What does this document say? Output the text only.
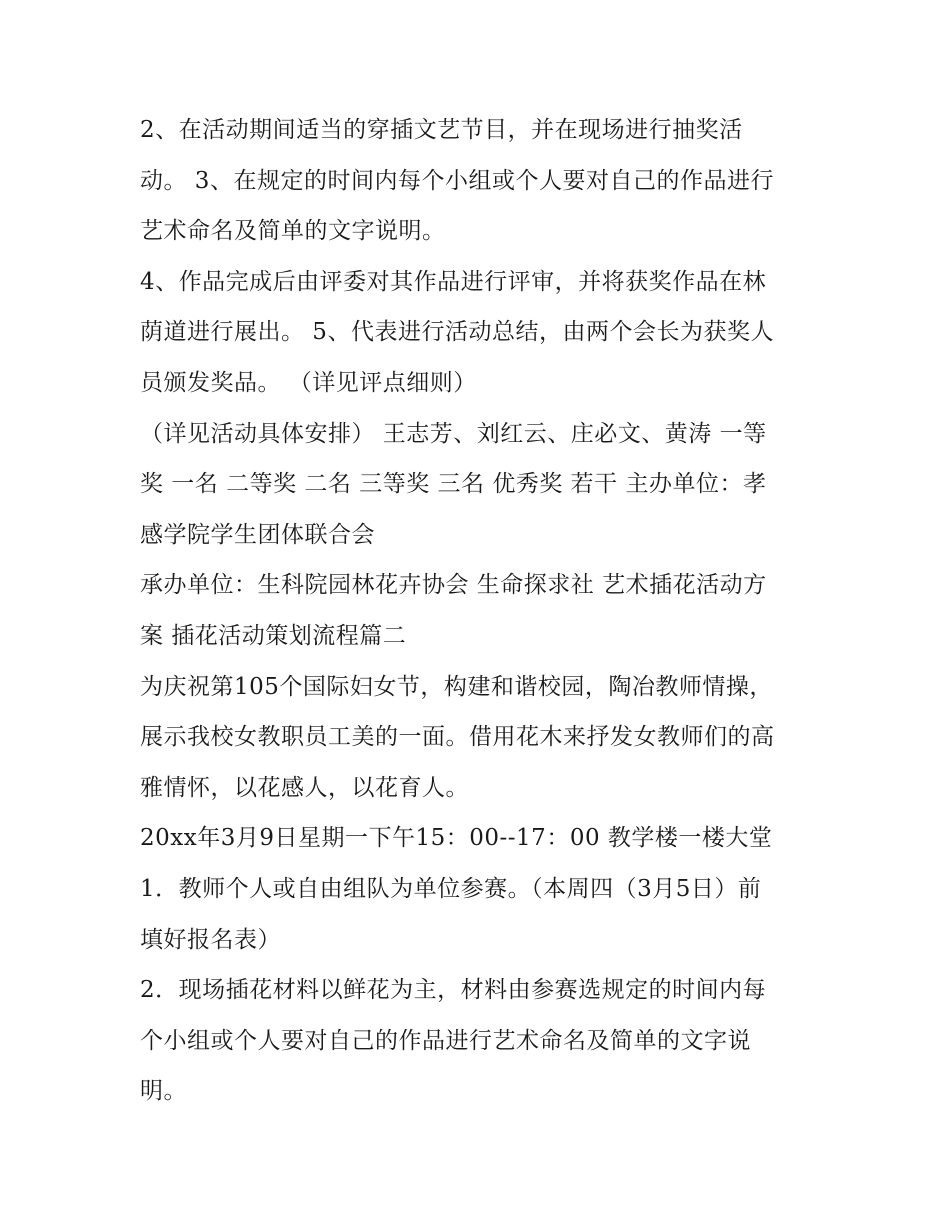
2、在活动期间适当的穿插文艺节目，并在现场进行抽奖活
动。 3、在规定的时间内每个小组或个人要对自己的作品进行
艺术命名及简单的文字说明。
4、作品完成后由评委对其作品进行评审，并将获奖作品在林
荫道进行展出。 5、代表进行活动总结，由两个会长为获奖人
员颁发奖品。 （详见评点细则）
（详见活动具体安排） 王志芳、刘红云、庄必文、黄涛 一等
奖 一名 二等奖 二名 三等奖 三名 优秀奖 若干 主办单位：孝
感学院学生团体联合会
承办单位：生科院园林花卉协会 生命探求社 艺术插花活动方
案 插花活动策划流程篇二
为庆祝第105个国际妇女节，构建和谐校园，陶冶教师情操，
展示我校女教职员工美的一面。借用花木来抒发女教师们的高
雅情怀，以花感人，以花育人。
20xx年3月9日星期一下午15：00--17：00 教学楼一楼大堂
1．教师个人或自由组队为单位参赛。（本周四（3月5日）前
填好报名表）
2．现场插花材料以鲜花为主，材料由参赛选规定的时间内每
个小组或个人要对自己的作品进行艺术命名及简单的文字说
明。
